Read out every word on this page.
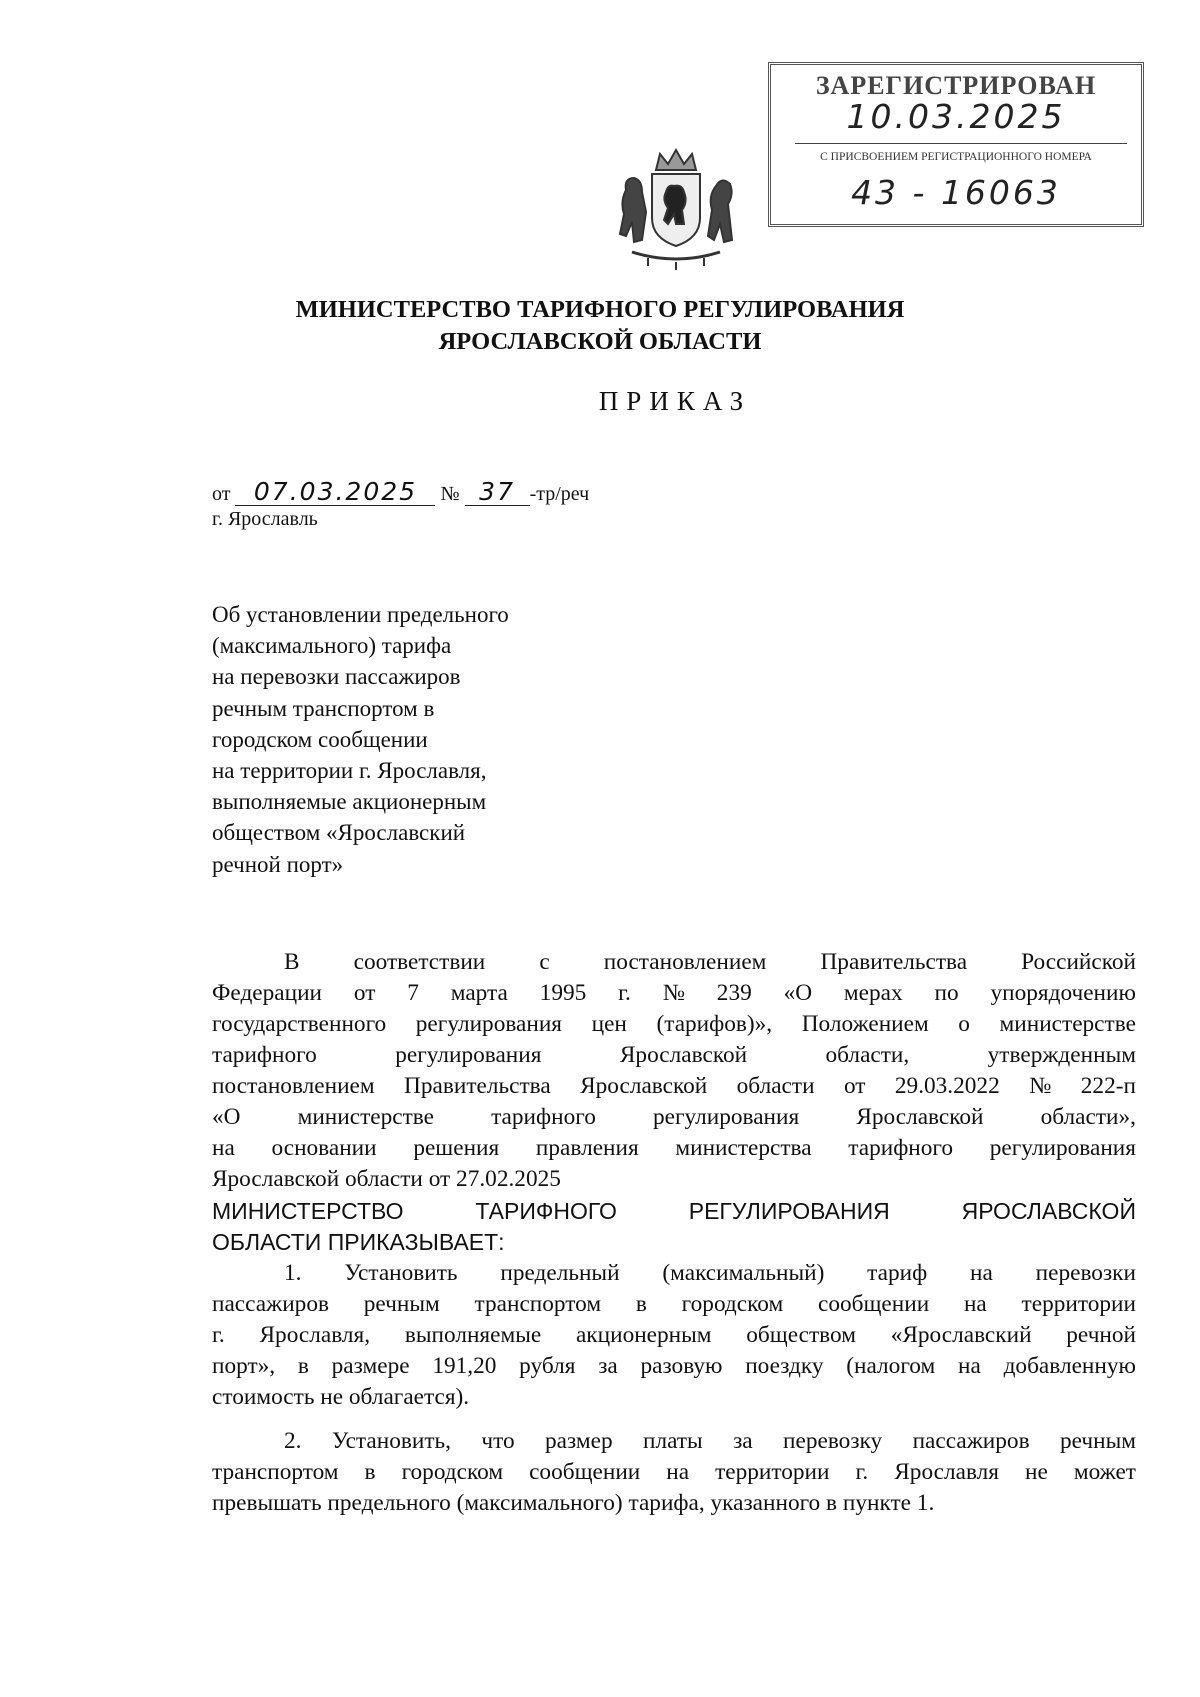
ЗАРЕГИСТРИРОВАН
10.03.2025
С ПРИСВОЕНИЕМ РЕГИСТРАЦИОННОГО НОМЕРА
43 - 16063
МИНИСТЕРСТВО ТАРИФНОГО РЕГУЛИРОВАНИЯ
ЯРОСЛАВСКОЙ ОБЛАСТИ
ПРИКАЗ
от 07.03.2025 № 37 -тр/реч
г. Ярославль
Об установлении предельного
(максимального) тарифа
на перевозки пассажиров
речным транспортом в
городском сообщении
на территории г. Ярославля,
выполняемые акционерным
обществом «Ярославский
речной порт»
В соответствии с постановлением Правительства Российской
Федерации от 7 марта 1995 г. № 239 «О мерах по упорядочению
государственного регулирования цен (тарифов)», Положением о министерстве
тарифного	регулирования	Ярославской	области,	утвержденным
постановлением Правительства Ярославской области от 29.03.2022 № 222-п
«О министерстве тарифного регулирования Ярославской области»,
на основании решения правления министерства тарифного регулирования
Ярославской области от 27.02.2025
МИНИСТЕРСТВО	ТАРИФНОГО	РЕГУЛИРОВАНИЯ	ЯРОСЛАВСКОЙ
ОБЛАСТИ ПРИКАЗЫВАЕТ:
1. Установить предельный (максимальный) тариф на перевозки
пассажиров речным транспортом в городском сообщении на территории
г. Ярославля, выполняемые акционерным обществом «Ярославский речной
порт», в размере 191,20 рубля за разовую поездку (налогом на добавленную
стоимость не облагается).
2. Установить, что размер платы за перевозку пассажиров речным
транспортом в городском сообщении на территории г. Ярославля не может
превышать предельного (максимального) тарифа, указанного в пункте 1.
